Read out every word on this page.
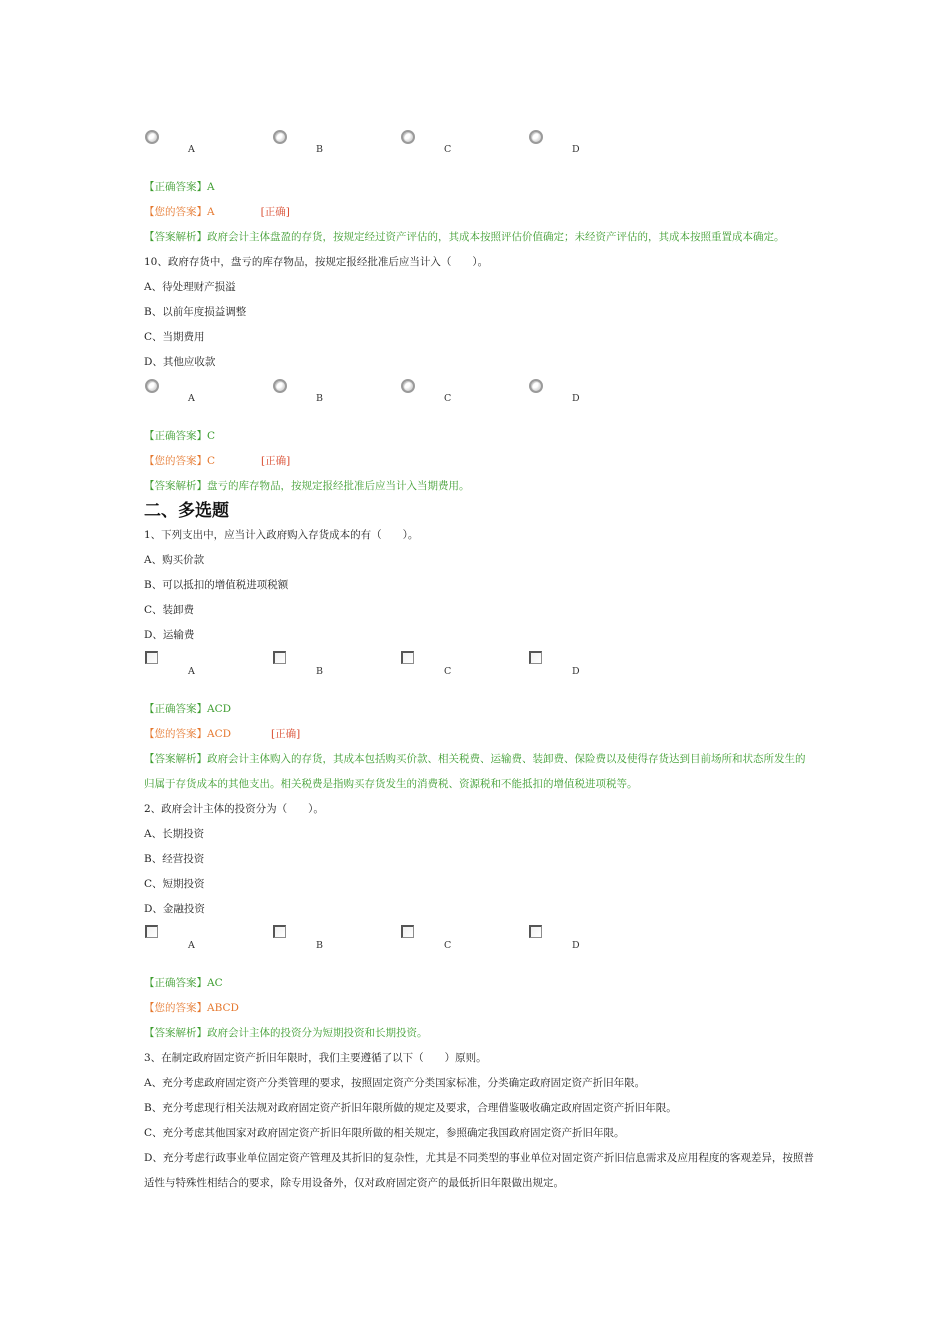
A	B	C	D
【正确答案】A
【您的答案】A	[正确]
【答案解析】政府会计主体盘盈的存货，按规定经过资产评估的，其成本按照评估价值确定；未经资产评估的，其成本按照重置成本确定。
10、政府存货中，盘亏的库存物品，按规定报经批准后应当计入（　　）。
A、待处理财产损溢
B、以前年度损益调整
C、当期费用
D、其他应收款
A	B	C	D
【正确答案】C
【您的答案】C	[正确]
【答案解析】盘亏的库存物品，按规定报经批准后应当计入当期费用。
二、多选题
1、下列支出中，应当计入政府购入存货成本的有（　　）。
A、购买价款
B、可以抵扣的增值税进项税额
C、装卸费
D、运输费
A	B	C	D
【正确答案】ACD
【您的答案】ACD	[正确]
【答案解析】政府会计主体购入的存货，其成本包括购买价款、相关税费、运输费、装卸费、保险费以及使得存货达到目前场所和状态所发生的归属于存货成本的其他支出。相关税费是指购买存货发生的消费税、资源税和不能抵扣的增值税进项税等。
2、政府会计主体的投资分为（　　）。
A、长期投资
B、经营投资
C、短期投资
D、金融投资
A	B	C	D
【正确答案】AC
【您的答案】ABCD
【答案解析】政府会计主体的投资分为短期投资和长期投资。
3、在制定政府固定资产折旧年限时，我们主要遵循了以下（　　）原则。
A、充分考虑政府固定资产分类管理的要求，按照固定资产分类国家标准，分类确定政府固定资产折旧年限。
B、充分考虑现行相关法规对政府固定资产折旧年限所做的规定及要求，合理借鉴吸收确定政府固定资产折旧年限。
C、充分考虑其他国家对政府固定资产折旧年限所做的相关规定，参照确定我国政府固定资产折旧年限。
D、充分考虑行政事业单位固定资产管理及其折旧的复杂性，尤其是不同类型的事业单位对固定资产折旧信息需求及应用程度的客观差异，按照普适性与特殊性相结合的要求，除专用设备外，仅对政府固定资产的最低折旧年限做出规定。
